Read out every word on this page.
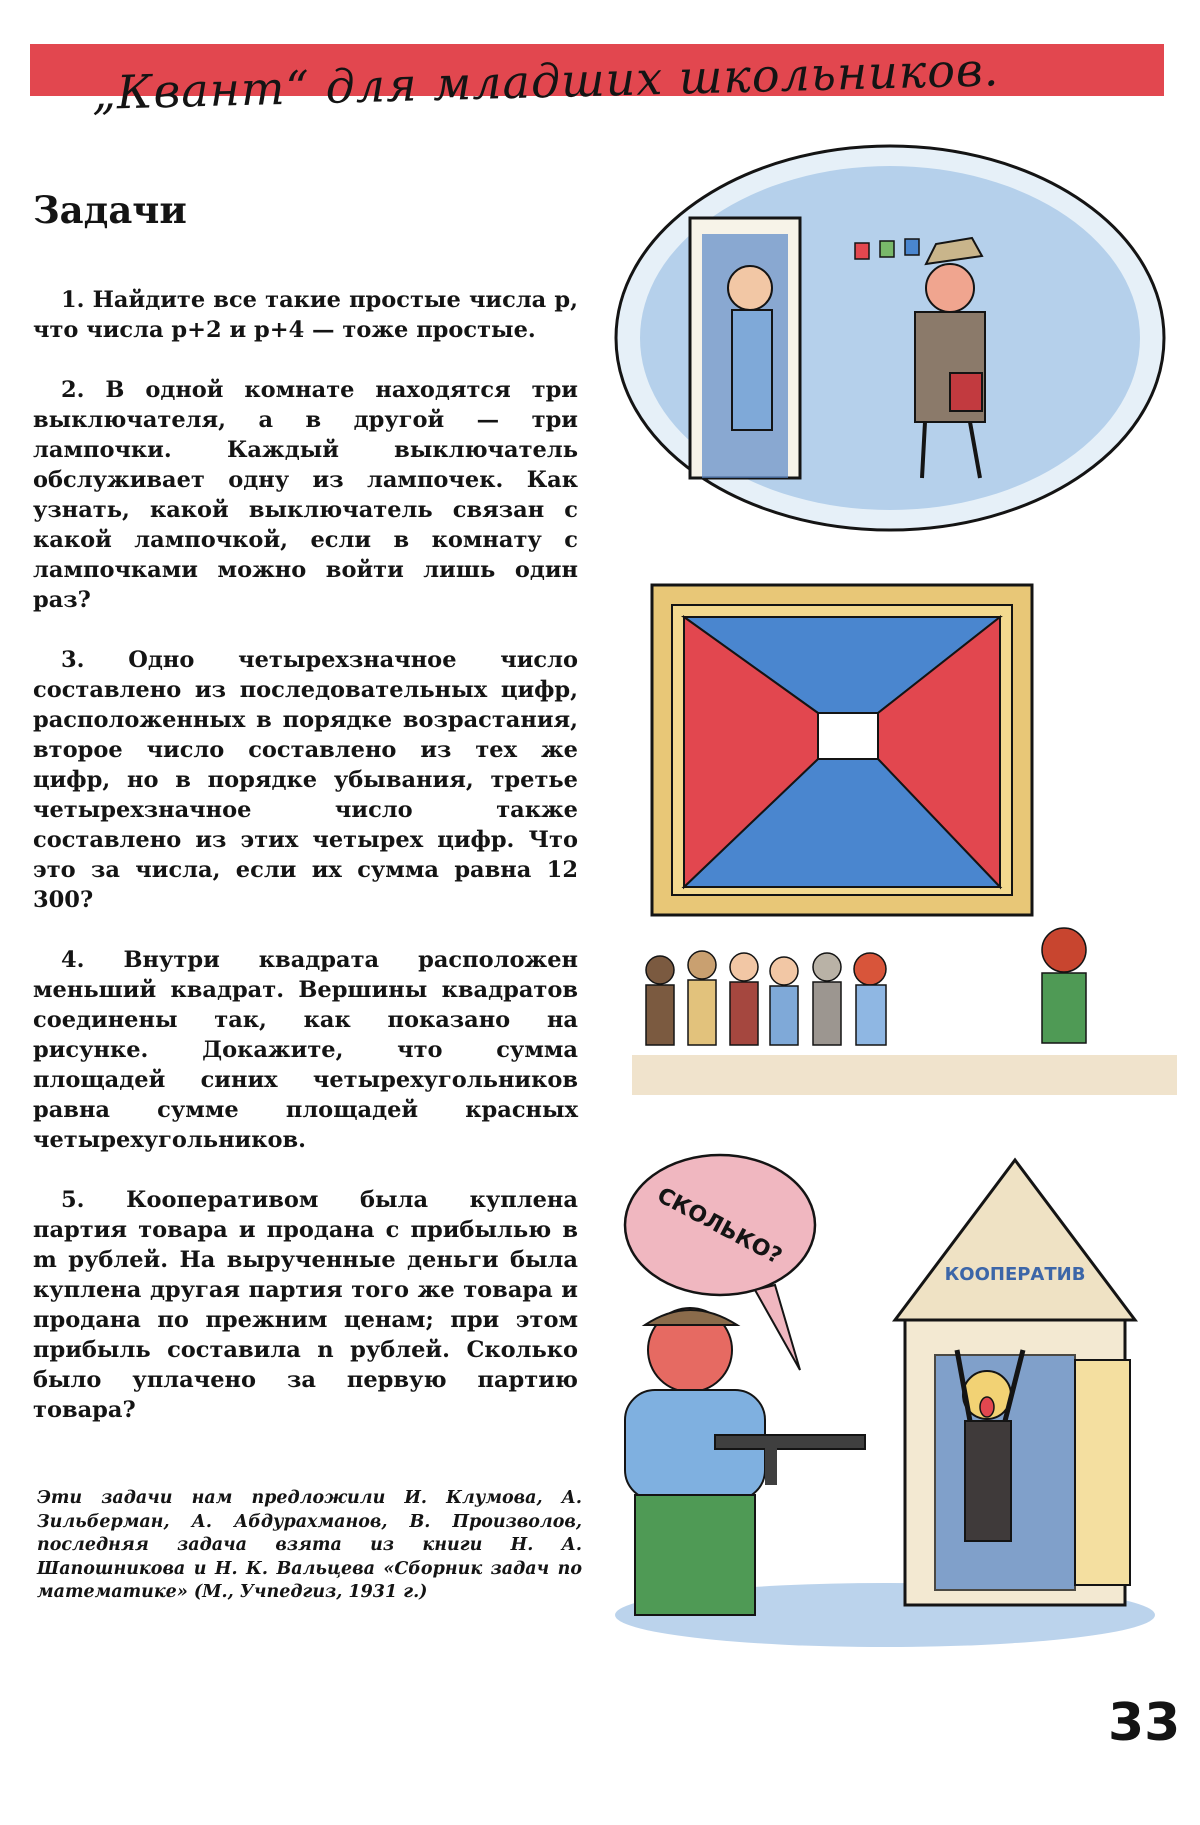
„Квант“ для младших школьников.
Задачи

1. Найдите все такие простые числа p, что числа p+2 и p+4 — тоже простые.

2. В одной комнате находятся три выключателя, а в другой — три лампочки. Каждый выключатель обслуживает одну из лампочек. Как узнать, какой выключатель связан с какой лампочкой, если в комнату с лампочками можно войти лишь один раз?

3. Одно четырехзначное число составлено из последовательных цифр, расположенных в порядке возрастания, второе число составлено из тех же цифр, но в порядке убывания, третье четырехзначное число также составлено из этих четырех цифр. Что это за числа, если их сумма равна 12 300?

4. Внутри квадрата расположен меньший квадрат. Вершины квадратов соединены так, как показано на рисунке. Докажите, что сумма площадей синих четырехугольников равна сумме площадей красных четырехугольников.

5. Кооперативом была куплена партия товара и продана с прибылью в m рублей. На вырученные деньги была куплена другая партия того же товара и продана по прежним ценам; при этом прибыль составила n рублей. Сколько было уплачено за первую партию товара?

Эти задачи нам предложили И. Клумова, А. Зильберман, А. Абдурахманов, В. Произволов, последняя задача взята из книги Н. А. Шапошникова и Н. К. Вальцева «Сборник задач по математике» (М., Учпедгиз, 1931 г.)

КООПЕРАТИВ
СКОЛЬКО?
33
